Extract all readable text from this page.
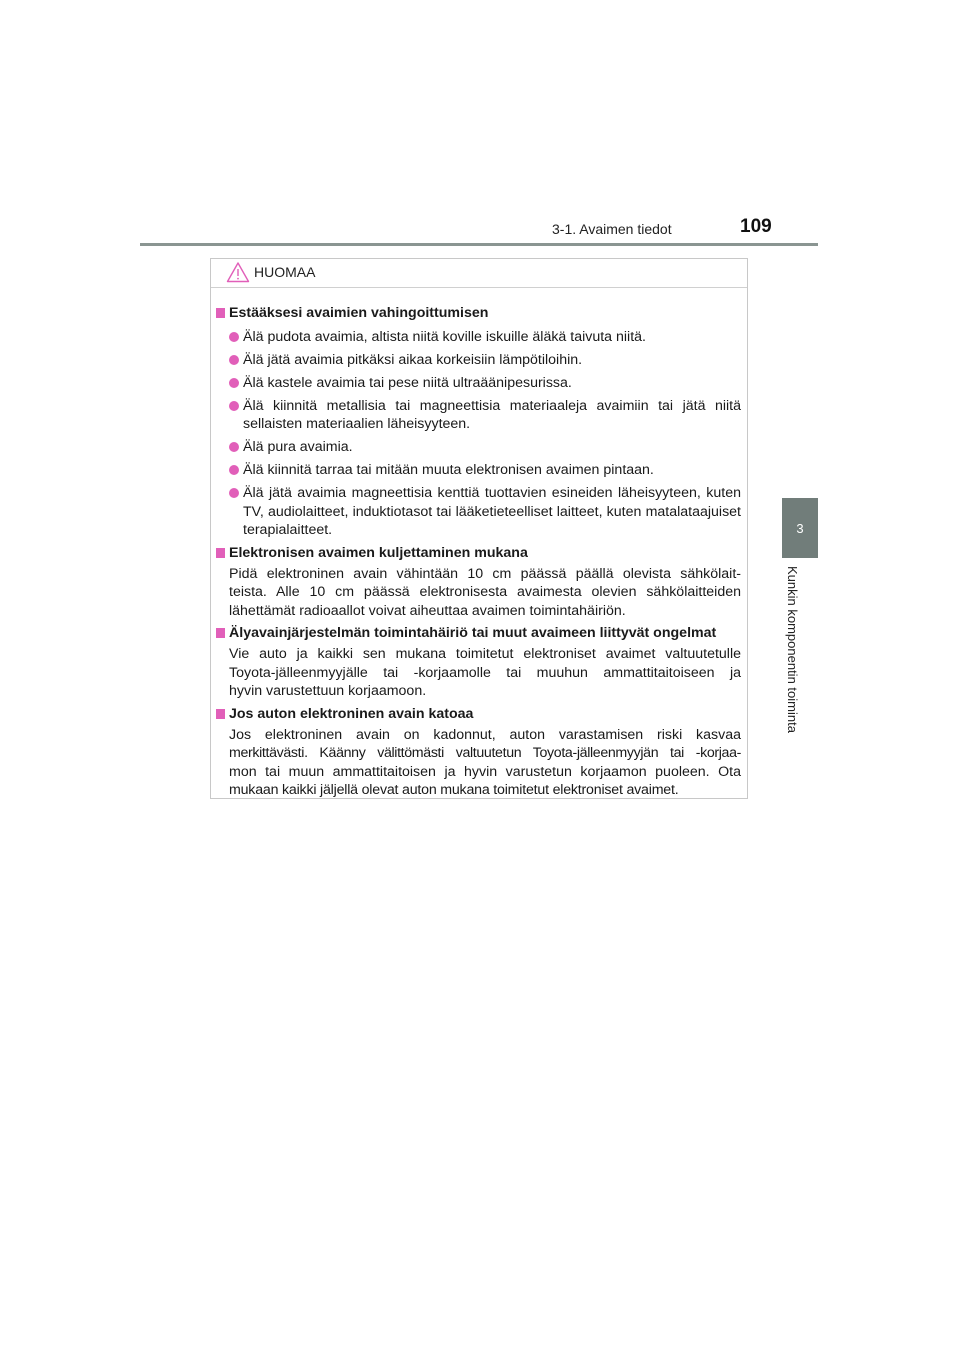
3-1. Avaimen tiedot	109
3
Kunkin komponentin toiminta
HUOMAA
Estääksesi avaimien vahingoittumisen
Älä pudota avaimia, altista niitä koville iskuille äläkä taivuta niitä.
Älä jätä avaimia pitkäksi aikaa korkeisiin lämpötiloihin.
Älä kastele avaimia tai pese niitä ultraäänipesurissa.
Älä kiinnitä metallisia tai magneettisia materiaaleja avaimiin tai jätä niitä sellaisten materiaalien läheisyyteen.
Älä pura avaimia.
Älä kiinnitä tarraa tai mitään muuta elektronisen avaimen pintaan.
Älä jätä avaimia magneettisia kenttiä tuottavien esineiden läheisyyteen, kuten TV, audiolaitteet, induktiotasot tai lääketieteelliset laitteet, kuten matalataajuiset terapialaitteet.
Elektronisen avaimen kuljettaminen mukana
Pidä elektroninen avain vähintään 10 cm päässä päällä olevista sähkölait-
teista. Alle 10 cm päässä elektronisesta avaimesta olevien sähkölaitteiden
lähettämät radioaallot voivat aiheuttaa avaimen toimintahäiriön.
Älyavainjärjestelmän toimintahäiriö tai muut avaimeen liittyvät ongelmat
Vie auto ja kaikki sen mukana toimitetut elektroniset avaimet valtuutetulle
Toyota-jälleenmyyjälle tai -korjaamolle tai muuhun ammattitaitoiseen ja
hyvin varustettuun korjaamoon.
Jos auton elektroninen avain katoaa
Jos elektroninen avain on kadonnut, auton varastamisen riski kasvaa
merkittävästi. Käänny välittömästi valtuutetun Toyota-jälleenmyyjän tai -korjaa-
mon tai muun ammattitaitoisen ja hyvin varustetun korjaamon puoleen. Ota
mukaan kaikki jäljellä olevat auton mukana toimitetut elektroniset avaimet.
